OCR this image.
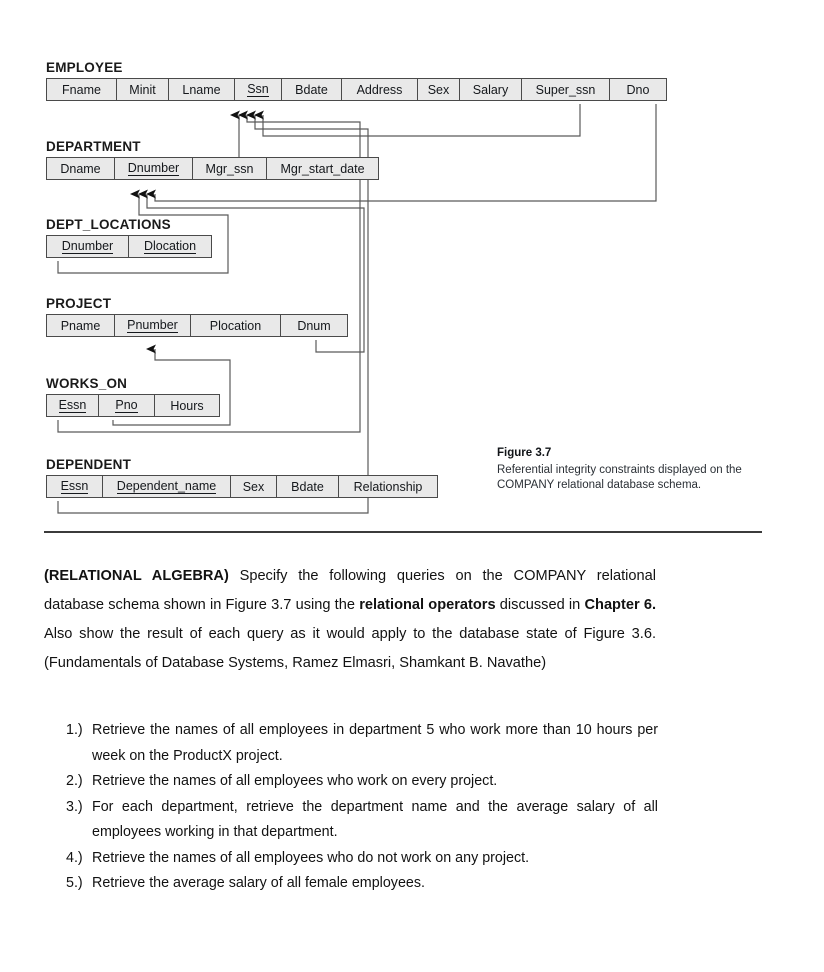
EMPLOYEE
Fname Minit Lname Ssn Bdate Address Sex Salary Super_ssn Dno
DEPARTMENT
Dname Dnumber Mgr_ssn Mgr_start_date
DEPT_LOCATIONS
Dnumber Dlocation
PROJECT
Pname Pnumber	Plocation	Dnum
WORKS_ON
Essn Pno	Hours
DEPENDENT
Essn Dependent_name Sex Bdate Relationship
Figure 3.7
Referential integrity constraints displayed on the COMPANY relational database schema.

(RELATIONAL ALGEBRA) Specify the following queries on the COMPANY relational database schema shown in Figure 3.7 using the relational operators discussed in Chapter 6. Also show the result of each query as it would apply to the database state of Figure 3.6. (Fundamentals of Database Systems, Ramez Elmasri, Shamkant B. Navathe)

1.) Retrieve the names of all employees in department 5 who work more than 10 hours per week on the ProductX project.
2.) Retrieve the names of all employees who work on every project.
3.) For each department, retrieve the department name and the average salary of all employees working in that department.
4.) Retrieve the names of all employees who do not work on any project.
5.) Retrieve the average salary of all female employees.
